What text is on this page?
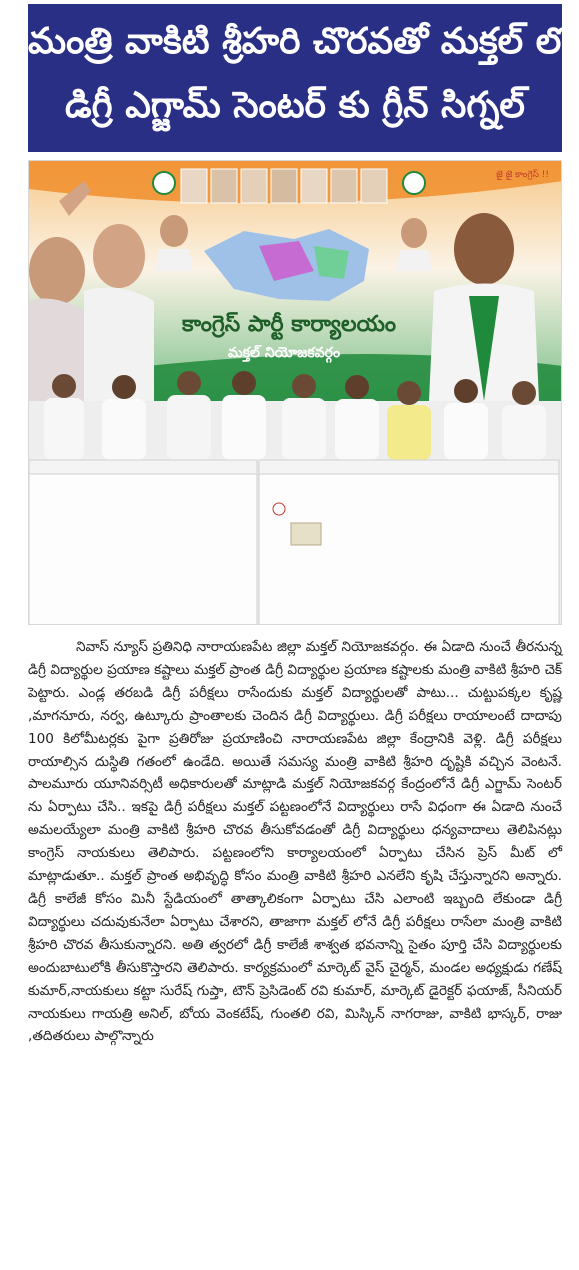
మంత్రి వాకిటి శ్రీహరి చొరవతో మక్తల్ లో
డిగ్రీ ఎగ్జామ్ సెంటర్ కు గ్రీన్ సిగ్నల్
కాంగ్రెస్ పార్టీ కార్యాలయం
మక్తల్ నియోజకవర్గం
జై జై కాంగ్రెస్ !!

నివాస్ న్యూస్ ప్రతినిధి నారాయణపేట జిల్లా మక్తల్ నియోజకవర్గం. ఈ ఏడాది నుంచే తీరనున్న డిగ్రీ విద్యార్థుల ప్రయాణ కష్టాలు మక్తల్ ప్రాంత డిగ్రీ విద్యార్థుల ప్రయాణ కష్టాలకు మంత్రి వాకిటి శ్రీహరి చెక్ పెట్టారు. ఎండ్ల తరబడి డిగ్రీ పరీక్షలు రాసేందుకు మక్తల్ విద్యార్థులతో పాటు... చుట్టుపక్కల కృష్ణ ,మాగనూరు, నర్వ, ఉట్కూరు ప్రాంతాలకు చెందిన డిగ్రీ విద్యార్థులు. డిగ్రీ పరీక్షలు రాయాలంటే దాదాపు 100 కిలోమీటర్లకు పైగా ప్రతిరోజు ప్రయాణించి నారాయణపేట జిల్లా కేంద్రానికి వెళ్లి. డిగ్రీ పరీక్షలు రాయాల్సిన దుస్థితి గతంలో ఉండేది. అయితే సమస్య మంత్రి వాకిటి శ్రీహరి దృష్టికి వచ్చిన వెంటనే. పాలమూరు యూనివర్సిటీ అధికారులతో మాట్లాడి మక్తల్ నియోజకవర్గ కేంద్రంలోనే డిగ్రీ ఎగ్జామ్ సెంటర్ ను ఏర్పాటు చేసి.. ఇకపై డిగ్రీ పరీక్షలు మక్తల్ పట్టణంలోనే విద్యార్థులు రాసే విధంగా ఈ ఏడాది నుంచే అమలయ్యేలా మంత్రి వాకిటి శ్రీహరి చొరవ తీసుకోవడంతో డిగ్రీ విద్యార్థులు ధన్యవాదాలు తెలిపినట్లు కాంగ్రెస్ నాయకులు తెలిపారు. పట్టణంలోని కార్యాలయంలో ఏర్పాటు చేసిన ప్రెస్ మీట్ లో మాట్లాడుతూ.. మక్తల్ ప్రాంత అభివృద్ధి కోసం మంత్రి వాకిటి శ్రీహరి ఎనలేని కృషి చేస్తున్నారని అన్నారు. డిగ్రీ కాలేజీ కోసం మినీ స్టేడియంలో తాత్కాలికంగా ఏర్పాటు చేసి ఎలాంటి ఇబ్బంది లేకుండా డిగ్రీ విద్యార్థులు చదువుకునేలా ఏర్పాటు చేశారని, తాజాగా మక్తల్ లోనే డిగ్రీ పరీక్షలు రాసేలా మంత్రి వాకిటి శ్రీహరి చొరవ తీసుకున్నారని. అతి త్వరలో డిగ్రీ కాలేజీ శాశ్వత భవనాన్ని సైతం పూర్తి చేసి విద్యార్థులకు అందుబాటులోకి తీసుకొస్తారని తెలిపారు. కార్యక్రమంలో మార్కెట్ వైస్ చైర్మన్, మండల అధ్యక్షుడు గణేష్ కుమార్,నాయకులు కట్టా సురేష్ గుప్తా, టౌన్ ప్రెసిడెంట్ రవి కుమార్, మార్కెట్ డైరెక్టర్ ఫయాజ్, సీనియర్ నాయకులు గాయత్రి అనిల్, బోయ వెంకటేష్, గుంతలి రవి, మిస్కిన్ నాగరాజు, వాకిటి భాస్కర్, రాజు ,తదితరులు పాల్గొన్నారు
